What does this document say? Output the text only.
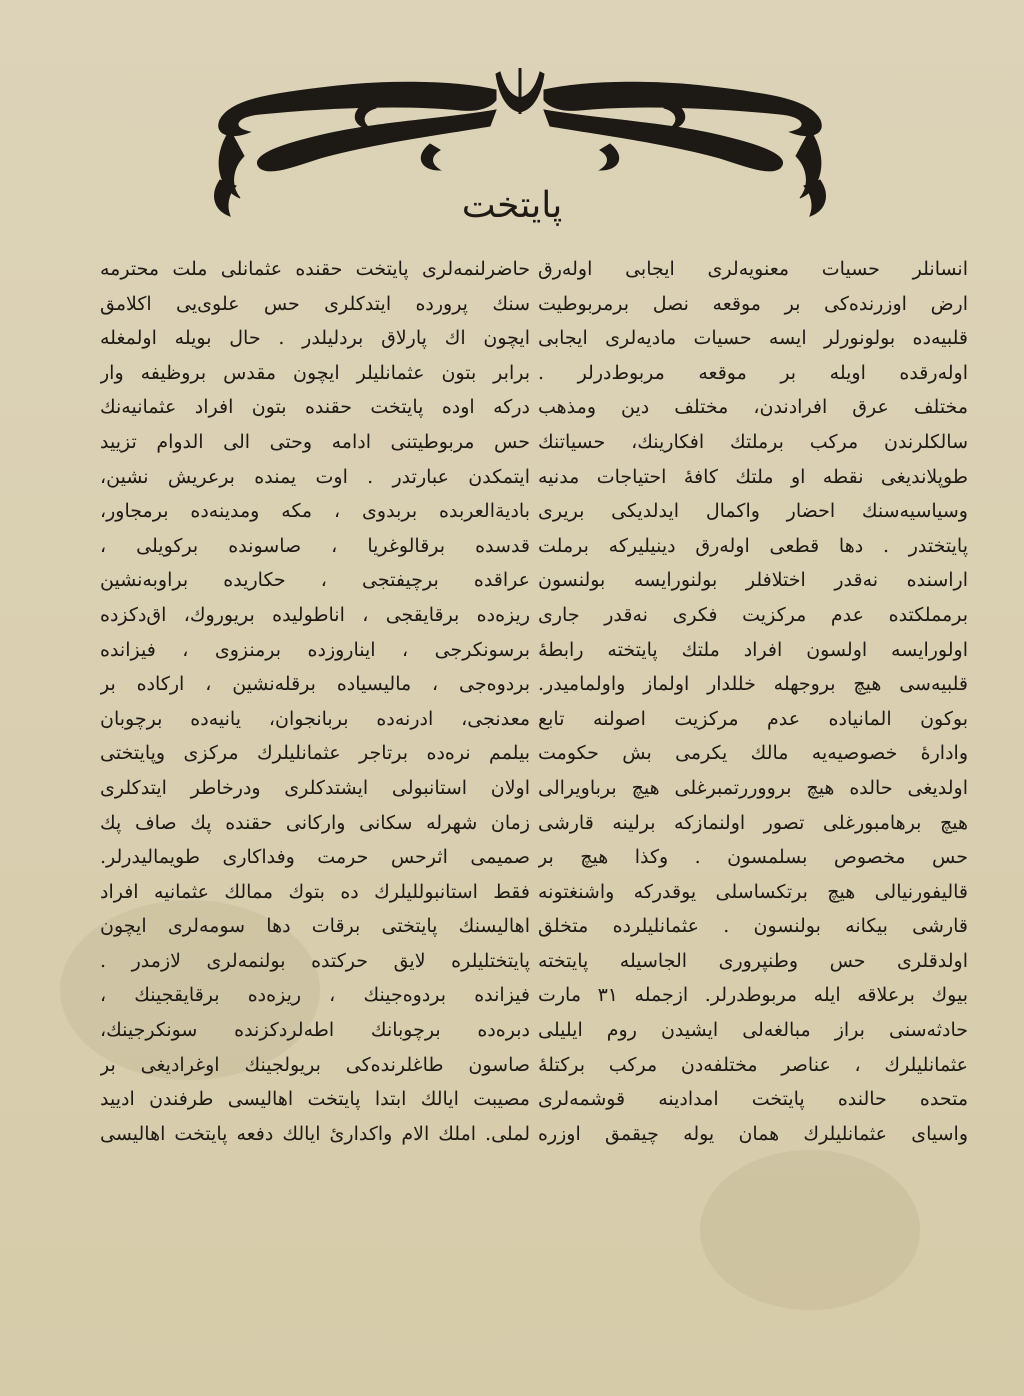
پایتخت
انسانلر حسیات معنویه‌لری ایجابی اوله‌رق
ارض اوزرنده‌کی بر موقعه نصل برمربوطیت
قلبیه‌ده بولونورلر ایسه حسیات مادیه‌لری ایجابی
اوله‌رقده اویله بر موقعه مربوط‌درلر .
مختلف عرق افرادندن، مختلف دین ومذهب
سالکلرندن مرکب برملتك افکارینك، حسیاتنك
طوپلاندیغی نقطه او ملتك کافهٔ احتیاجات مدنیه
وسیاسیه‌سنك احضار واکمال ایدلدیکی بریری
پایتختدر . دها قطعی اوله‌رق دینیلیرکه برملت
اراسنده نه‌قدر اختلافلر بولنورایسه بولنسون
برمملکتده عدم مرکزیت فکری نه‌قدر جاری
اولورایسه اولسون افراد ملتك پایتخته رابطهٔ
قلبیه‌سی هیچ بروجهله خللدار اولماز واولمامیدر.
بوکون المانیاده عدم مرکزیت اصولنه تابع
وادارهٔ خصوصیه‌یه مالك یکرمی بش حکومت
اولدیغی حالده هیچ برووررتمبرغلی هیچ برباویرالی
هیچ برهامبورغلی تصور اولنمازکه برلینه قارشی
حس مخصوص بسلمسون . وکذا هیچ بر
قالیفورنیالی هیچ برتکساسلی یوقدرکه واشنغتونه
قارشی بیکانه بولنسون . عثمانلیلرده متخلق
اولدقلری حس وطنپروری الجاسیله پایتخته
بیوك برعلاقه ایله مربوطدرلر. ازجمله ۳۱ مارت
حادثه‌سنی براز مبالغه‌لی ایشیدن روم ایلیلی
عثمانلیلرك ، عناصر مختلفه‌دن مرکب برکتلهٔ
متحده حالنده پایتخت امدادینه قوشمه‌لری
واسیای عثمانلیلرك همان یوله چیقمق اوزره
حاضرلنمه‌لری پایتخت حقنده عثمانلی ملت محترمه‌
سنك پرورده ایتدکلری حس علوی‌یی اکلامق
ایچون اك پارلاق بردلیلدر . حال بویله اولمغله
برابر بتون عثمانلیلر ایچون مقدس بروظیفه وار‌
درکه اوده پایتخت حقنده بتون افراد عثمانیه‌نك
حس مربوطیتنی ادامه وحتی الی الدوام تزیید
ایتمکدن عبارتدر . اوت یمنده برعریش نشین،
بادیةالعربده بربدوی ، مکه ومدینه‌ده برمجاور،
قدسده برقالوغریا ، صاسونده برکویلی ،
عراقده برچیفتجی ، حکاریده براوبه‌نشین
ریزه‌ده برقایقجی ، اناطولیده بریوروك، اق‌دکزده
برسونکرجی ، ایناروزده برمنزوی ، فیزانده
بردوه‌جی ، مالیسیاده برقله‌نشین ، ارکاده بر
معدنجی، ادرنه‌ده بربانجوان، یانیه‌ده برچوبان
بیلمم نره‌ده برتاجر عثمانلیلرك مرکزی وپایتختی
اولان استانبولی ایشتدکلری ودرخاطر ایتدکلری
زمان شهرله سکانی وارکانی حقنده پك صاف پك
صمیمی اثرحس حرمت وفداکاری طویمالیدرلر.
فقط استانبوللیلرك ده بتوك ممالك عثمانیه افراد
اهالیسنك پایتختی برقات دها سومه‌لری ایچون
پایتختلیلره لایق حرکتده بولنمه‌لری لازمدر .
فیزانده بردوه‌جینك ، ریزه‌ده برقایقجینك ،
دبره‌ده برچوبانك اطه‌لردکزنده سونکرجینك،
صاسون طاغلرنده‌کی بریولجینك اوغرادیغی بر
مصیبت ایالك ابتدا پایتخت اهالیسی طرفندن ادیید‌
لملی. املك الام واکدارئ ایالك دفعه پایتخت اهالیسی
